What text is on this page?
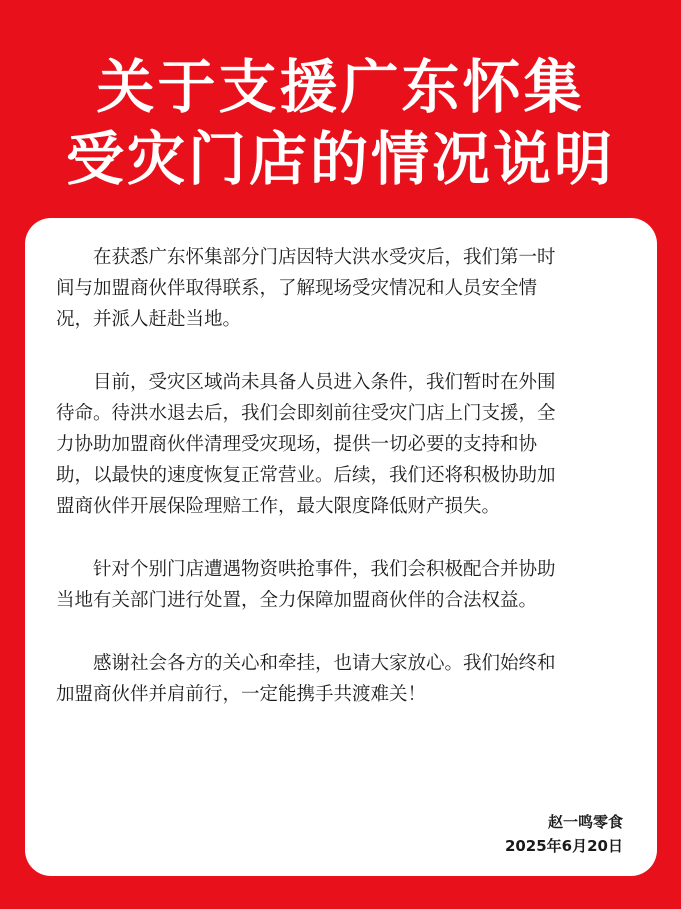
关于支援广东怀集
受灾门店的情况说明

在获悉广东怀集部分门店因特大洪水受灾后，我们第一时
间与加盟商伙伴取得联系，了解现场受灾情况和人员安全情
况，并派人赶赴当地。

目前，受灾区域尚未具备人员进入条件，我们暂时在外围
待命。待洪水退去后，我们会即刻前往受灾门店上门支援，全
力协助加盟商伙伴清理受灾现场，提供一切必要的支持和协
助，以最快的速度恢复正常营业。后续，我们还将积极协助加
盟商伙伴开展保险理赔工作，最大限度降低财产损失。

针对个别门店遭遇物资哄抢事件，我们会积极配合并协助
当地有关部门进行处置，全力保障加盟商伙伴的合法权益。

感谢社会各方的关心和牵挂，也请大家放心。我们始终和
加盟商伙伴并肩前行，一定能携手共渡难关！

赵一鸣零食
2025年6月20日
